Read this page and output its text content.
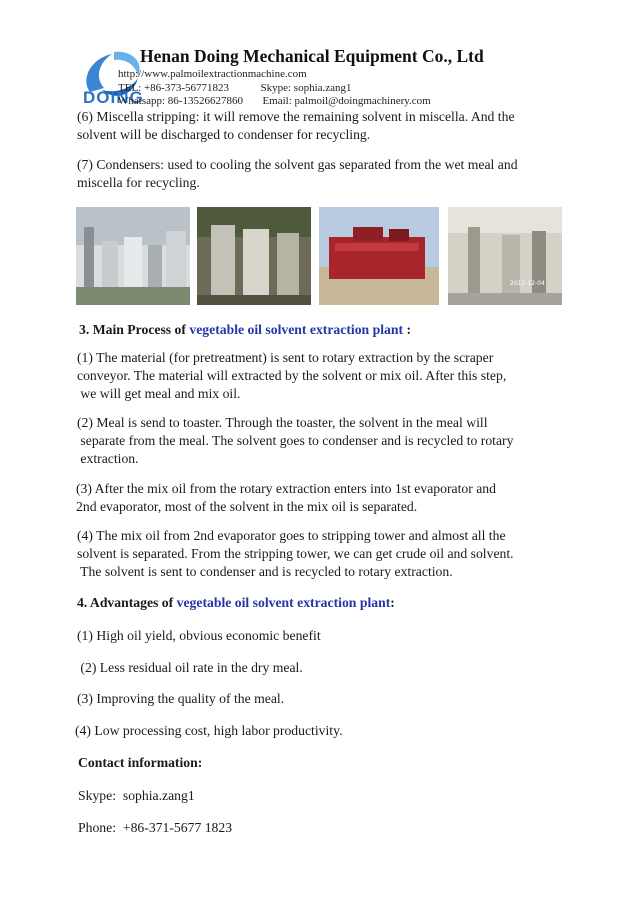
DOING
Henan Doing Mechanical Equipment Co., Ltd
http://www.palmoilextractionmachine.com
TEL: +86-373-56771823	Skype: sophia.zang1
Whatsapp: 86-13526627860 Email: palmoil@doingmachinery.com
(6) Miscella stripping: it will remove the remaining solvent in miscella. And the
solvent will be discharged to condenser for recycling.
(7) Condensers: used to cooling the solvent gas separated from the wet meal and
miscella for recycling.
2012-12-04
3. Main Process of vegetable oil solvent extraction plant :
(1) The material (for pretreatment) is sent to rotary extraction by the scraper
conveyor. The material will extracted by the solvent or mix oil. After this step,
we will get meal and mix oil.
(2) Meal is send to toaster. Through the toaster, the solvent in the meal will
separate from the meal. The solvent goes to condenser and is recycled to rotary
extraction.
(3) After the mix oil from the rotary extraction enters into 1st evaporator and
2nd evaporator, most of the solvent in the mix oil is separated.
(4) The mix oil from 2nd evaporator goes to stripping tower and almost all the
solvent is separated. From the stripping tower, we can get crude oil and solvent.
The solvent is sent to condenser and is recycled to rotary extraction.
4. Advantages of vegetable oil solvent extraction plant:
(1) High oil yield, obvious economic benefit
(2) Less residual oil rate in the dry meal.
(3) Improving the quality of the meal.
(4) Low processing cost, high labor productivity.
Contact information:
Skype:  sophia.zang1
Phone:  +86-371-5677 1823
